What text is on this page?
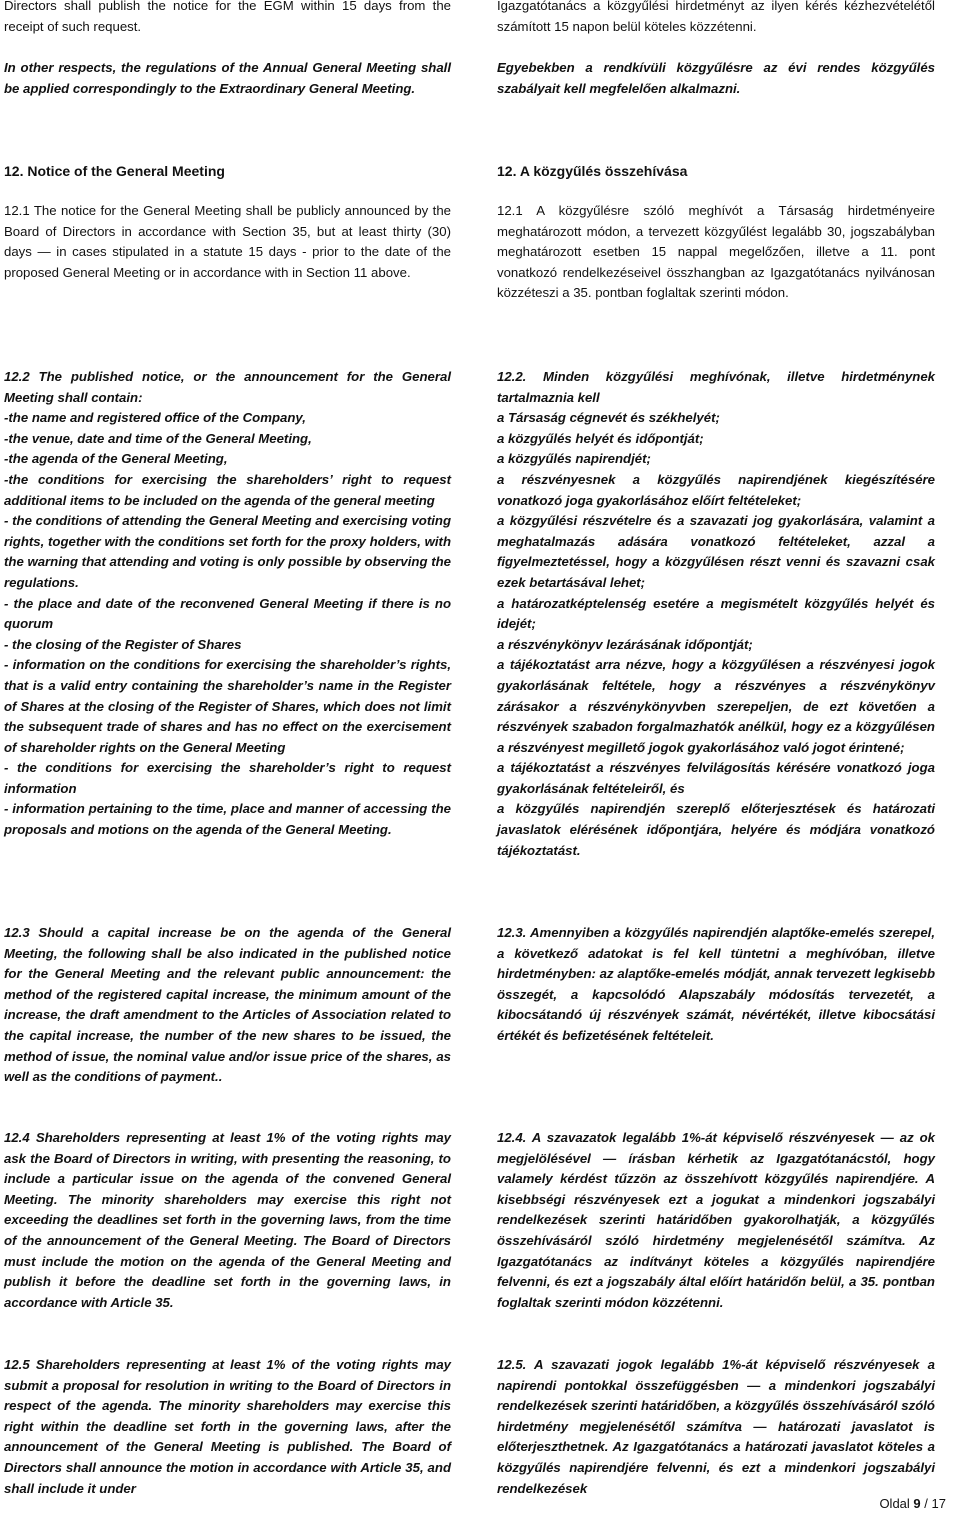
Directors shall publish the notice for the EGM within 15 days from the receipt of such request.

Igazgatótanács a közgyűlési hirdetményt az ilyen kérés kézhezvételétől számított 15 napon belül köteles közzétenni.

In other respects, the regulations of the Annual General Meeting shall be applied correspondingly to the Extraordinary General Meeting.

Egyebekben a rendkívüli közgyűlésre az évi rendes közgyűlés szabályait kell megfelelően alkalmazni.

12. Notice of the General Meeting	12. A közgyűlés összehívása

12.1 The notice for the General Meeting shall be publicly announced by the Board of Directors in accordance with Section 35, but at least thirty (30) days — in cases stipulated in a statute 15 days - prior to the date of the proposed General Meeting or in accordance with in Section 11 above.

12.1 A közgyűlésre szóló meghívót a Társaság hirdetményeire meghatározott módon, a tervezett közgyűlést legalább 30, jogszabályban meghatározott esetben 15 nappal megelőzően, illetve a 11. pont vonatkozó rendelkezéseivel összhangban az Igazgatótanács nyilvánosan közzéteszi a 35. pontban foglaltak szerinti módon.

12.2 The published notice, or the announcement for the General Meeting shall contain:

-the name and registered office of the Company,

-the venue, date and time of the General Meeting,

-the agenda of the General Meeting,

-the conditions for exercising the shareholders’ right to request additional items to be included on the agenda of the general meeting

- the conditions of attending the General Meeting and exercising voting rights, together with the conditions set forth for the proxy holders, with the warning that attending and voting is only possible by observing the regulations.

- the place and date of the reconvened General Meeting if there is no quorum

- the closing of the Register of Shares

- information on the conditions for exercising the shareholder’s rights, that is a valid entry containing the shareholder’s name in the Register of Shares at the closing of the Register of Shares, which does not limit the subsequent trade of shares and has no effect on the exercisement of shareholder rights on the General Meeting

- the conditions for exercising the shareholder’s right to request information

- information pertaining to the time, place and manner of accessing the proposals and motions on the agenda of the General Meeting.

12.2. Minden közgyűlési meghívónak, illetve hirdetménynek tartalmaznia kell

a Társaság cégnevét és székhelyét;

a közgyűlés helyét és időpontját;

a közgyűlés napirendjét;

a részvényesnek a közgyűlés napirendjének kiegészítésére vonatkozó joga gyakorlásához előírt feltételeket;

a közgyűlési részvételre és a szavazati jog gyakorlására, valamint a meghatalmazás adására vonatkozó feltételeket, azzal a figyelmeztetéssel, hogy a közgyűlésen részt venni és szavazni csak ezek betartásával lehet;

a határozatképtelenség esetére a megismételt közgyűlés helyét és idejét;

a részvénykönyv lezárásának időpontját;

a tájékoztatást arra nézve, hogy a közgyűlésen a részvényesi jogok gyakorlásának feltétele, hogy a részvényes a részvénykönyv zárásakor a részvénykönyvben szerepeljen, de ezt követően a részvények szabadon forgalmazhatók anélkül, hogy ez a közgyűlésen a részvényest megillető jogok gyakorlásához való jogot érintené;

a tájékoztatást a részvényes felvilágosítás kérésére vonatkozó joga gyakorlásának feltételeiről, és

a közgyűlés napirendjén szereplő előterjesztések és határozati javaslatok elérésének időpontjára, helyére és módjára vonatkozó tájékoztatást.

12.3 Should a capital increase be on the agenda of the General Meeting, the following shall be also indicated in the published notice for the General Meeting and the relevant public announcement: the method of the registered capital increase, the minimum amount of the increase, the draft amendment to the Articles of Association related to the capital increase, the number of the new shares to be issued, the method of issue, the nominal value and/or issue price of the shares, as well as the conditions of payment..

12.3. Amennyiben a közgyűlés napirendjén alaptőke-emelés szerepel, a következő adatokat is fel kell tüntetni a meghívóban, illetve hirdetményben: az alaptőke-emelés módját, annak tervezett legkisebb összegét, a kapcsolódó Alapszabály módosítás tervezetét, a kibocsátandó új részvények számát, névértékét, illetve kibocsátási értékét és befizetésének feltételeit.

12.4 Shareholders representing at least 1% of the voting rights may ask the Board of Directors in writing, with presenting the reasoning, to include a particular issue on the agenda of the convened General Meeting. The minority shareholders may exercise this right not exceeding the deadlines set forth in the governing laws, from the time of the announcement of the General Meeting. The Board of Directors must include the motion on the agenda of the General Meeting and publish it before the deadline set forth in the governing laws, in accordance with Article 35.

12.4. A szavazatok legalább 1%-át képviselő részvényesek — az ok megjelölésével — írásban kérhetik az Igazgatótanácstól, hogy valamely kérdést tűzzön az összehívott közgyűlés napirendjére. A kisebbségi részvényesek ezt a jogukat a mindenkori jogszabályi rendelkezések szerinti határidőben gyakorolhatják, a közgyűlés összehívásáról szóló hirdetmény megjelenésétől számítva. Az Igazgatótanács az indítványt köteles a közgyűlés napirendjére felvenni, és ezt a jogszabály által előírt határidőn belül, a 35. pontban foglaltak szerinti módon közzétenni.

12.5 Shareholders representing at least 1% of the voting rights may submit a proposal for resolution in writing to the Board of Directors in respect of the agenda. The minority shareholders may exercise this right within the deadline set forth in the governing laws, after the announcement of the General Meeting is published. The Board of Directors shall announce the motion in accordance with Article 35, and shall include it under

12.5. A szavazati jogok legalább 1%-át képviselő részvényesek a napirendi pontokkal összefüggésben — a mindenkori jogszabályi rendelkezések szerinti határidőben, a közgyűlés összehívásáról szóló hirdetmény megjelenésétől számítva — határozati javaslatot is előterjeszthetnek. Az Igazgatótanács a határozati javaslatot köteles a közgyűlés napirendjére felvenni, és ezt a mindenkori jogszabályi rendelkezések

Oldal 9 / 17
